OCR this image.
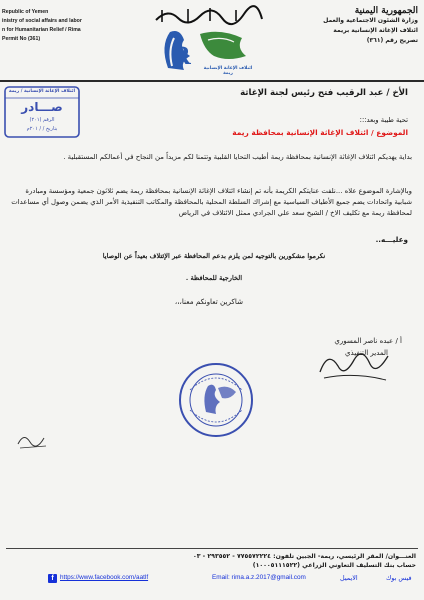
Republic of Yemen
inistry of social affairs and labor
n for Humanitarian Relief / Rima
Permit No (361)
R	ائتلاف الإغاثة الإنسانية ريمة
الجمهورية اليمنية
وزارة الشئون الاجتماعية والعمل
ائتلاف الإغاثة الإنسانية بريمة
تصريح رقم (٣٦١)
ائتلاف الإغاثة الإنسانية / ريمة
صـــادر
الرقم (٢٠١)
بتاريخ / / ٢٠١م
الأخ / عبد الرقيب فتح رئيس لجنة الإغاثة
تحية طيبة وبعد:::
الموضوع / ائتلاف الإغاثة الإنسانية بمحافظة ريمة
بداية يهديكم ائتلاف الإغاثة الإنسانية بمحافظة ريمة أطيب التحايا القلبية وتتمنا لكم مزيداً من النجاح في أعمالكم المستقبلية .
وبالإشارة الموضوع علاه ...نلفت عنايتكم الكريمة بأنه تم إنشاء ائتلاف الإغاثة الإنسانية بمحافظة ريمة يضم ثلاثون جمعية ومؤسسة ومبادرة شبابية واتحادات يضم جميع الأطياف السياسية مع إشراك السلطة المحلية بالمحافظة والمكاتب التنفيذية الأمر الذي يضمن وصول أي مساعدات لمحافظة ريمة مع تكليف الاخ / الشيخ سعد علي الجرادي ممثل الائتلاف في الرياض
وعليـــه..
نكرموا مشكورين بالتوجيه لمن يلزم بدعم المحافظة عبر الإئتلاف بعيداً عن الوصايا
الخارجية للمحافظة .
شاكرين تعاونكم معنا،،،
أ / عبده ناصر المسوري
المدير التنفيذي
العنـــوان/ المقر الرئيسي، ريمة- الجبين تلفون: ٧٧٥٥٧٢٢٢٤ - ٢٩٣٥٥٢ - ٠٣
حساب بنك التسليف التعاوني الزراعي (١٠٠٠٥١١١٥٢٢)
f https://www.facebook.com/aatlf	Email: rima.a.z.2017@gmail.com	الايميل	فيس بوك
